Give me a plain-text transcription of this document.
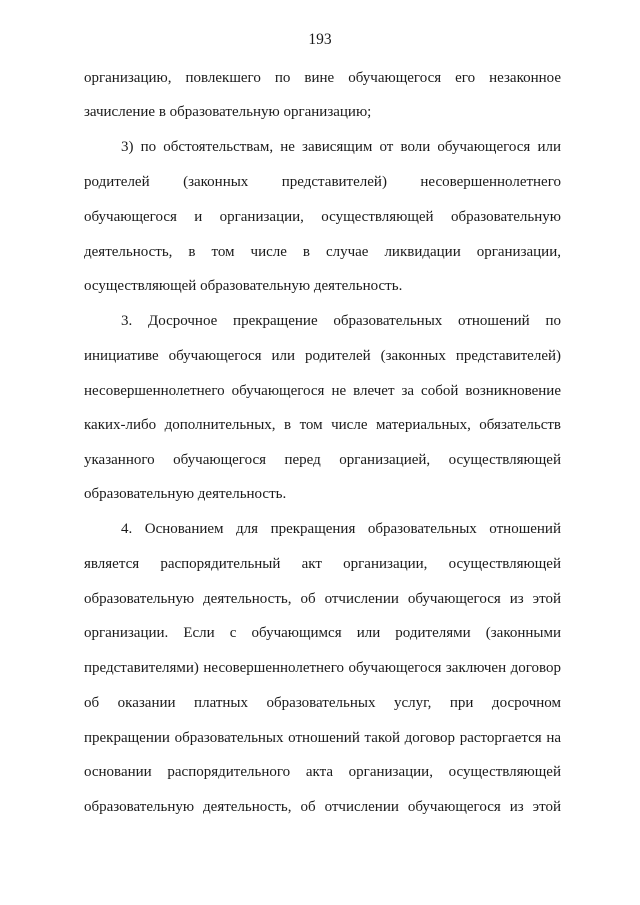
193
организацию, повлекшего по вине обучающегося его незаконное
зачисление в образовательную организацию;
3) по обстоятельствам, не зависящим от воли обучающегося или
родителей (законных представителей) несовершеннолетнего
обучающегося и организации, осуществляющей образовательную
деятельность, в том числе в случае ликвидации организации,
осуществляющей образовательную деятельность.
3. Досрочное прекращение образовательных отношений по
инициативе обучающегося или родителей (законных представителей)
несовершеннолетнего обучающегося не влечет за собой возникновение
каких-либо дополнительных, в том числе материальных, обязательств
указанного обучающегося перед организацией, осуществляющей
образовательную деятельность.
4. Основанием для прекращения образовательных отношений
является распорядительный акт организации, осуществляющей
образовательную деятельность, об отчислении обучающегося из этой
организации. Если с обучающимся или родителями (законными
представителями) несовершеннолетнего обучающегося заключен договор
об оказании платных образовательных услуг, при досрочном
прекращении образовательных отношений такой договор расторгается на
основании распорядительного акта организации, осуществляющей
образовательную деятельность, об отчислении обучающегося из этой
